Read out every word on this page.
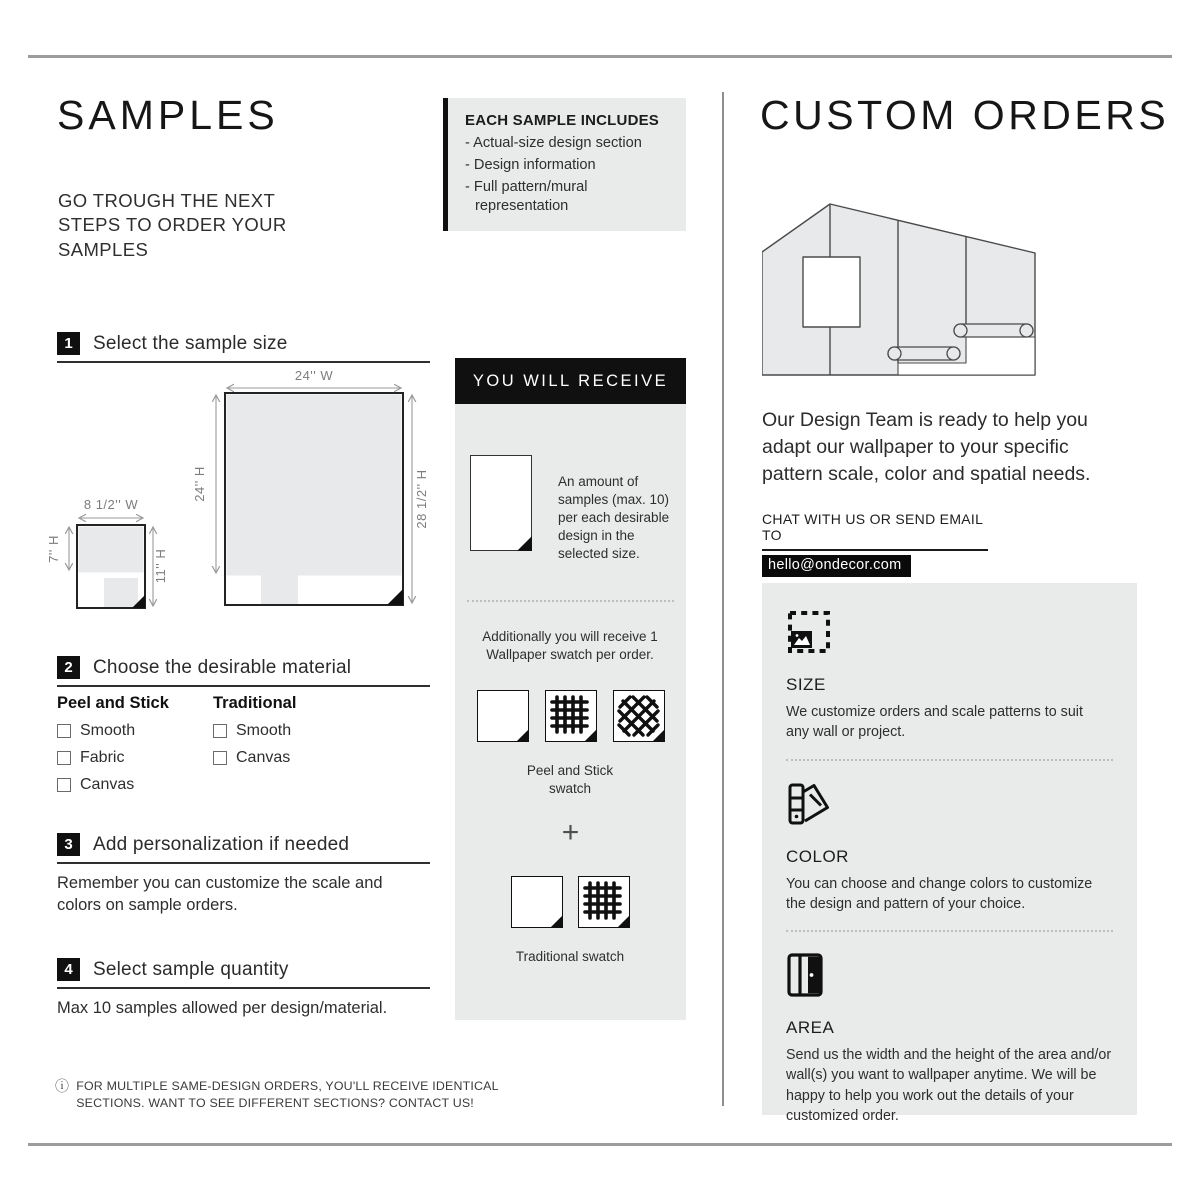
SAMPLES
GO TROUGH THE NEXT STEPS TO ORDER YOUR SAMPLES
1	Select the sample size
24'' W
24'' H	28 1/2'' H
8 1/2'' W
7'' H	11'' H
2	Choose the desirable material
Peel and Stick
Smooth
Fabric
Canvas
Traditional
Smooth
Canvas
3	Add personalization if needed
Remember you can customize the scale and colors on sample orders.
4	Select sample quantity
Max 10 samples allowed per design/material.
ⓘ FOR MULTIPLE SAME-DESIGN ORDERS, YOU'LL RECEIVE IDENTICAL SECTIONS. WANT TO SEE DIFFERENT SECTIONS? CONTACT US!
EACH SAMPLE INCLUDES
- Actual-size design section
- Design information
- Full pattern/mural representation
YOU WILL RECEIVE
An amount of samples (max. 10) per each desirable design in the selected size.
Additionally you will receive 1 Wallpaper swatch per order.
Peel and Stick swatch
+
Traditional swatch
CUSTOM ORDERS
Our Design Team is ready to help you adapt our wallpaper to your specific pattern scale, color and spatial needs.
CHAT WITH US OR SEND EMAIL TO
hello@ondecor.com
SIZE
We customize orders and scale patterns to suit any wall or project.
COLOR
You can choose and change colors to customize the design and pattern of your choice.
AREA
Send us the width and the height of the area and/or wall(s) you want to wallpaper anytime. We will be happy to help you work out the details of your customized order.
